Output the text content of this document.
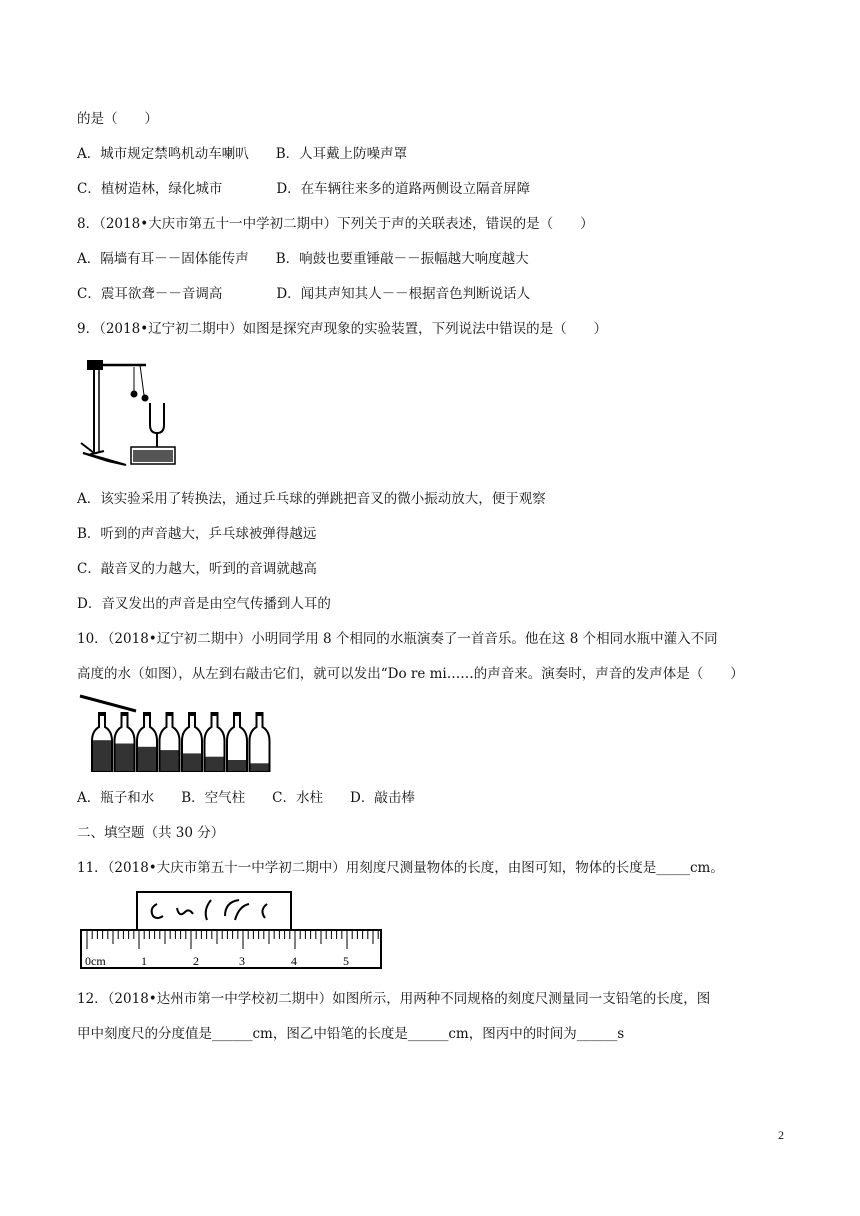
的是（　　）
A．城市规定禁鸣机动车喇叭　　B．人耳戴上防噪声罩
C．植树造林，绿化城市　　　　D．在车辆往来多的道路两侧设立隔音屏障
8．（2018•大庆市第五十一中学初二期中）下列关于声的关联表述，错误的是（　　）
A．隔墙有耳－－固体能传声　　B．响鼓也要重锤敲－－振幅越大响度越大
C．震耳欲聋－－音调高　　　　D．闻其声知其人－－根据音色判断说话人
9．（2018•辽宁初二期中）如图是探究声现象的实验装置，下列说法中错误的是（　　）
A．该实验采用了转换法，通过乒乓球的弹跳把音叉的微小振动放大，便于观察
B．听到的声音越大，乒乓球被弹得越远
C．敲音叉的力越大，听到的音调就越高
D．音叉发出的声音是由空气传播到人耳的
10．（2018•辽宁初二期中）小明同学用 8 个相同的水瓶演奏了一首音乐。他在这 8 个相同水瓶中灌入不同
高度的水（如图），从左到右敲击它们，就可以发出“Do re mi……的声音来。演奏时，声音的发声体是（　　）
A．瓶子和水　　B．空气柱　　C．水柱　　D．敲击棒
二、填空题（共 30 分）
11．（2018•大庆市第五十一中学初二期中）用刻度尺测量物体的长度，由图可知，物体的长度是_____cm。
0cm	1	2	3	4	5
12．（2018•达州市第一中学校初二期中）如图所示，用两种不同规格的刻度尺测量同一支铅笔的长度，图
甲中刻度尺的分度值是______cm，图乙中铅笔的长度是______cm，图丙中的时间为______s
2
